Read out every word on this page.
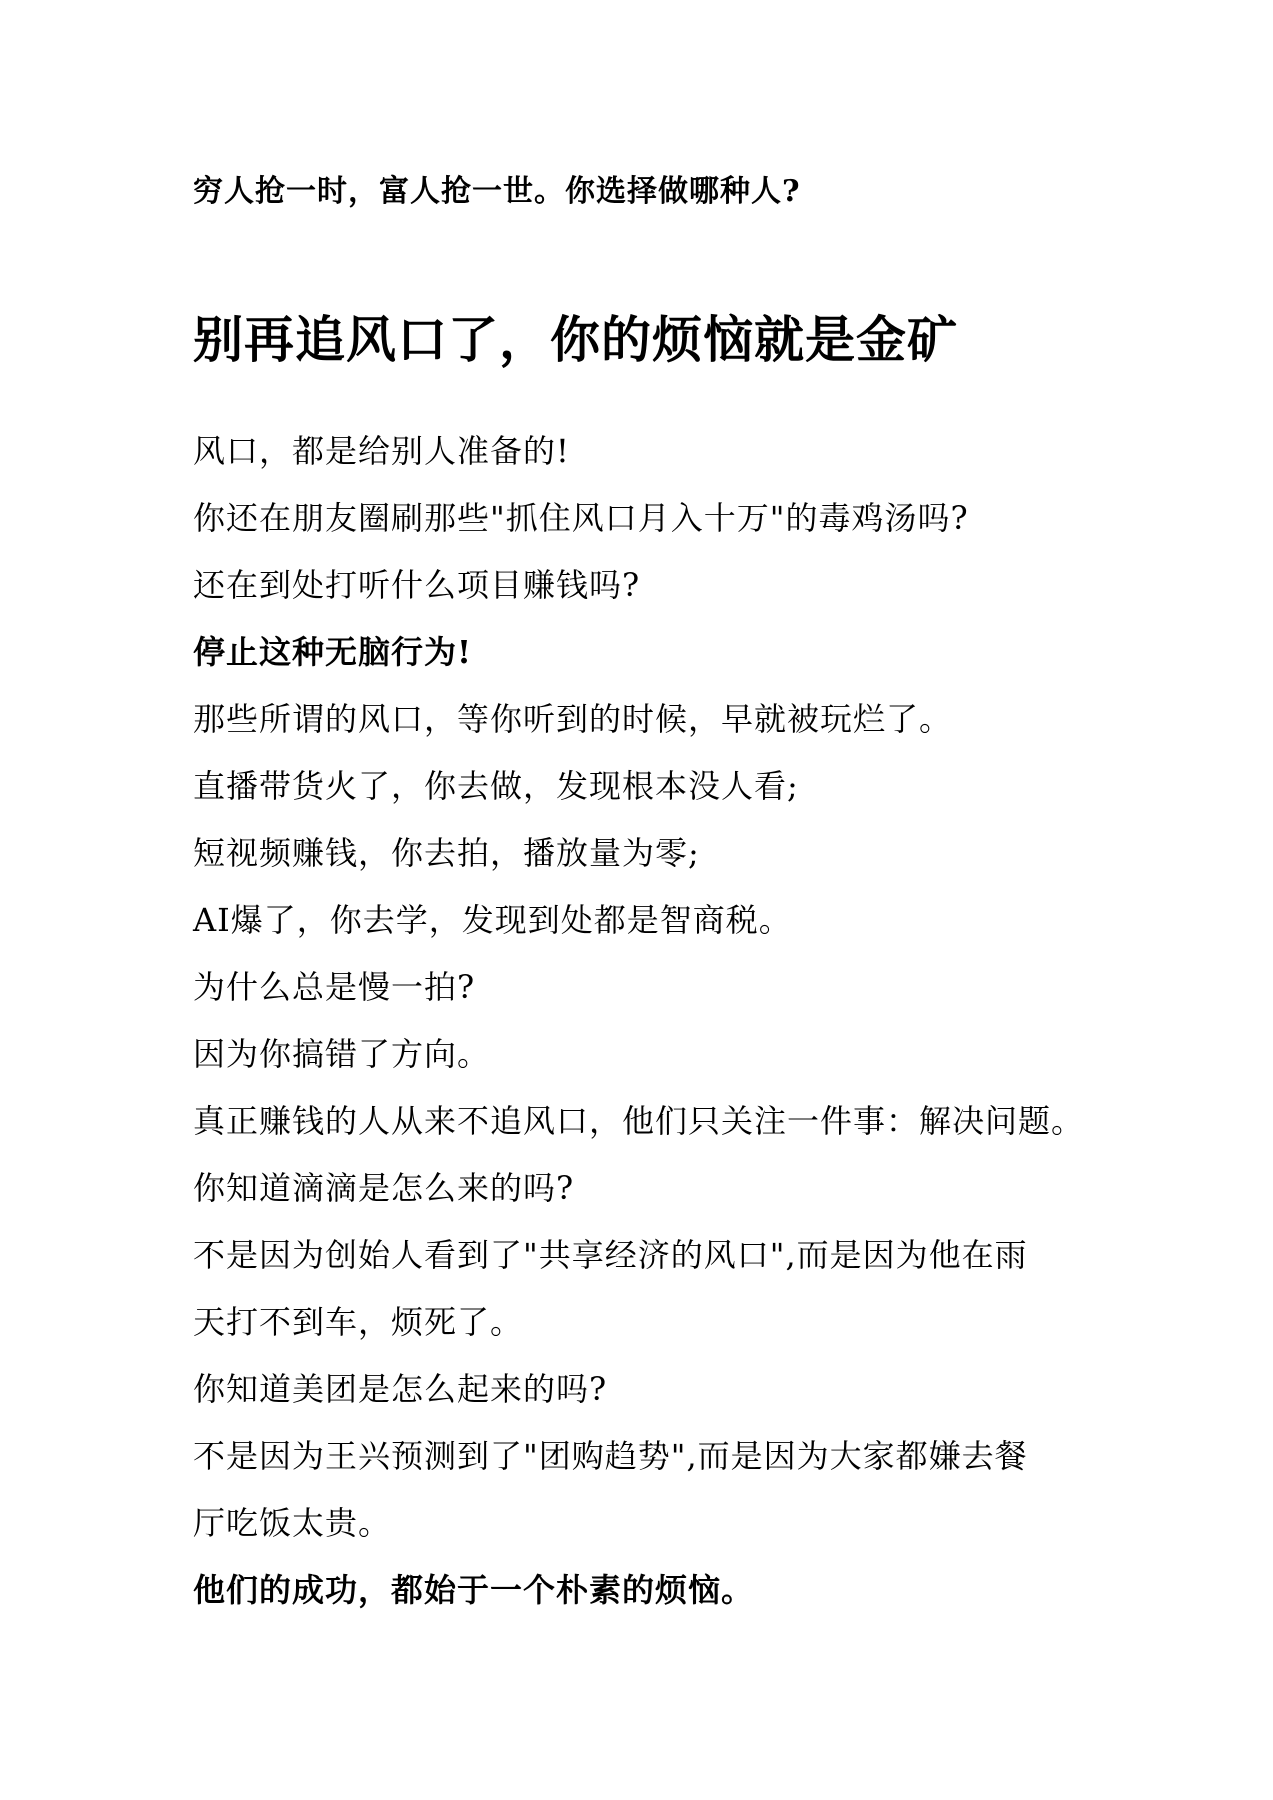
穷人抢一时，富人抢一世。你选择做哪种人?
别再追风口了，你的烦恼就是金矿
风口，都是给别人准备的!
你还在朋友圈刷那些"抓住风口月入十万"的毒鸡汤吗?
还在到处打听什么项目赚钱吗?
停止这种无脑行为!
那些所谓的风口，等你听到的时候，早就被玩烂了。
直播带货火了，你去做，发现根本没人看;
短视频赚钱，你去拍，播放量为零;
AI爆了，你去学，发现到处都是智商税。
为什么总是慢一拍?
因为你搞错了方向。
真正赚钱的人从来不追风口，他们只关注一件事：解决问题。
你知道滴滴是怎么来的吗?
不是因为创始人看到了"共享经济的风口",而是因为他在雨
天打不到车，烦死了。
你知道美团是怎么起来的吗?
不是因为王兴预测到了"团购趋势",而是因为大家都嫌去餐
厅吃饭太贵。
他们的成功，都始于一个朴素的烦恼。
